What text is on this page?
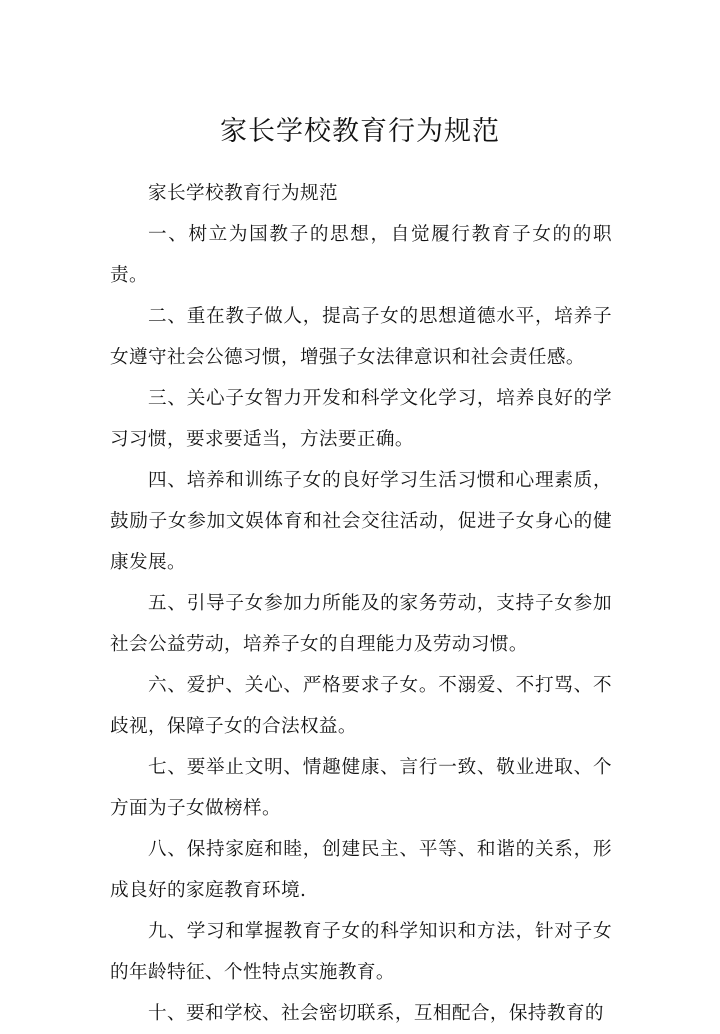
家长学校教育行为规范

家长学校教育行为规范

一、树立为国教子的思想，自觉履行教育子女的的职责。

二、重在教子做人，提高子女的思想道德水平，培养子女遵守社会公德习惯，增强子女法律意识和社会责任感。

三、关心子女智力开发和科学文化学习，培养良好的学习习惯，要求要适当，方法要正确。

四、培养和训练子女的良好学习生活习惯和心理素质，鼓励子女参加文娱体育和社会交往活动，促进子女身心的健康发展。

五、引导子女参加力所能及的家务劳动，支持子女参加社会公益劳动，培养子女的自理能力及劳动习惯。

六、爱护、关心、严格要求子女。不溺爱、不打骂、不歧视，保障子女的合法权益。

七、要举止文明、情趣健康、言行一致、敬业进取、个方面为子女做榜样。

八、保持家庭和睦，创建民主、平等、和谐的关系，形成良好的家庭教育环境.

九、学习和掌握教育子女的科学知识和方法，针对子女的年龄特征、个性特点实施教育。

十、要和学校、社会密切联系，互相配合，保持教育的
